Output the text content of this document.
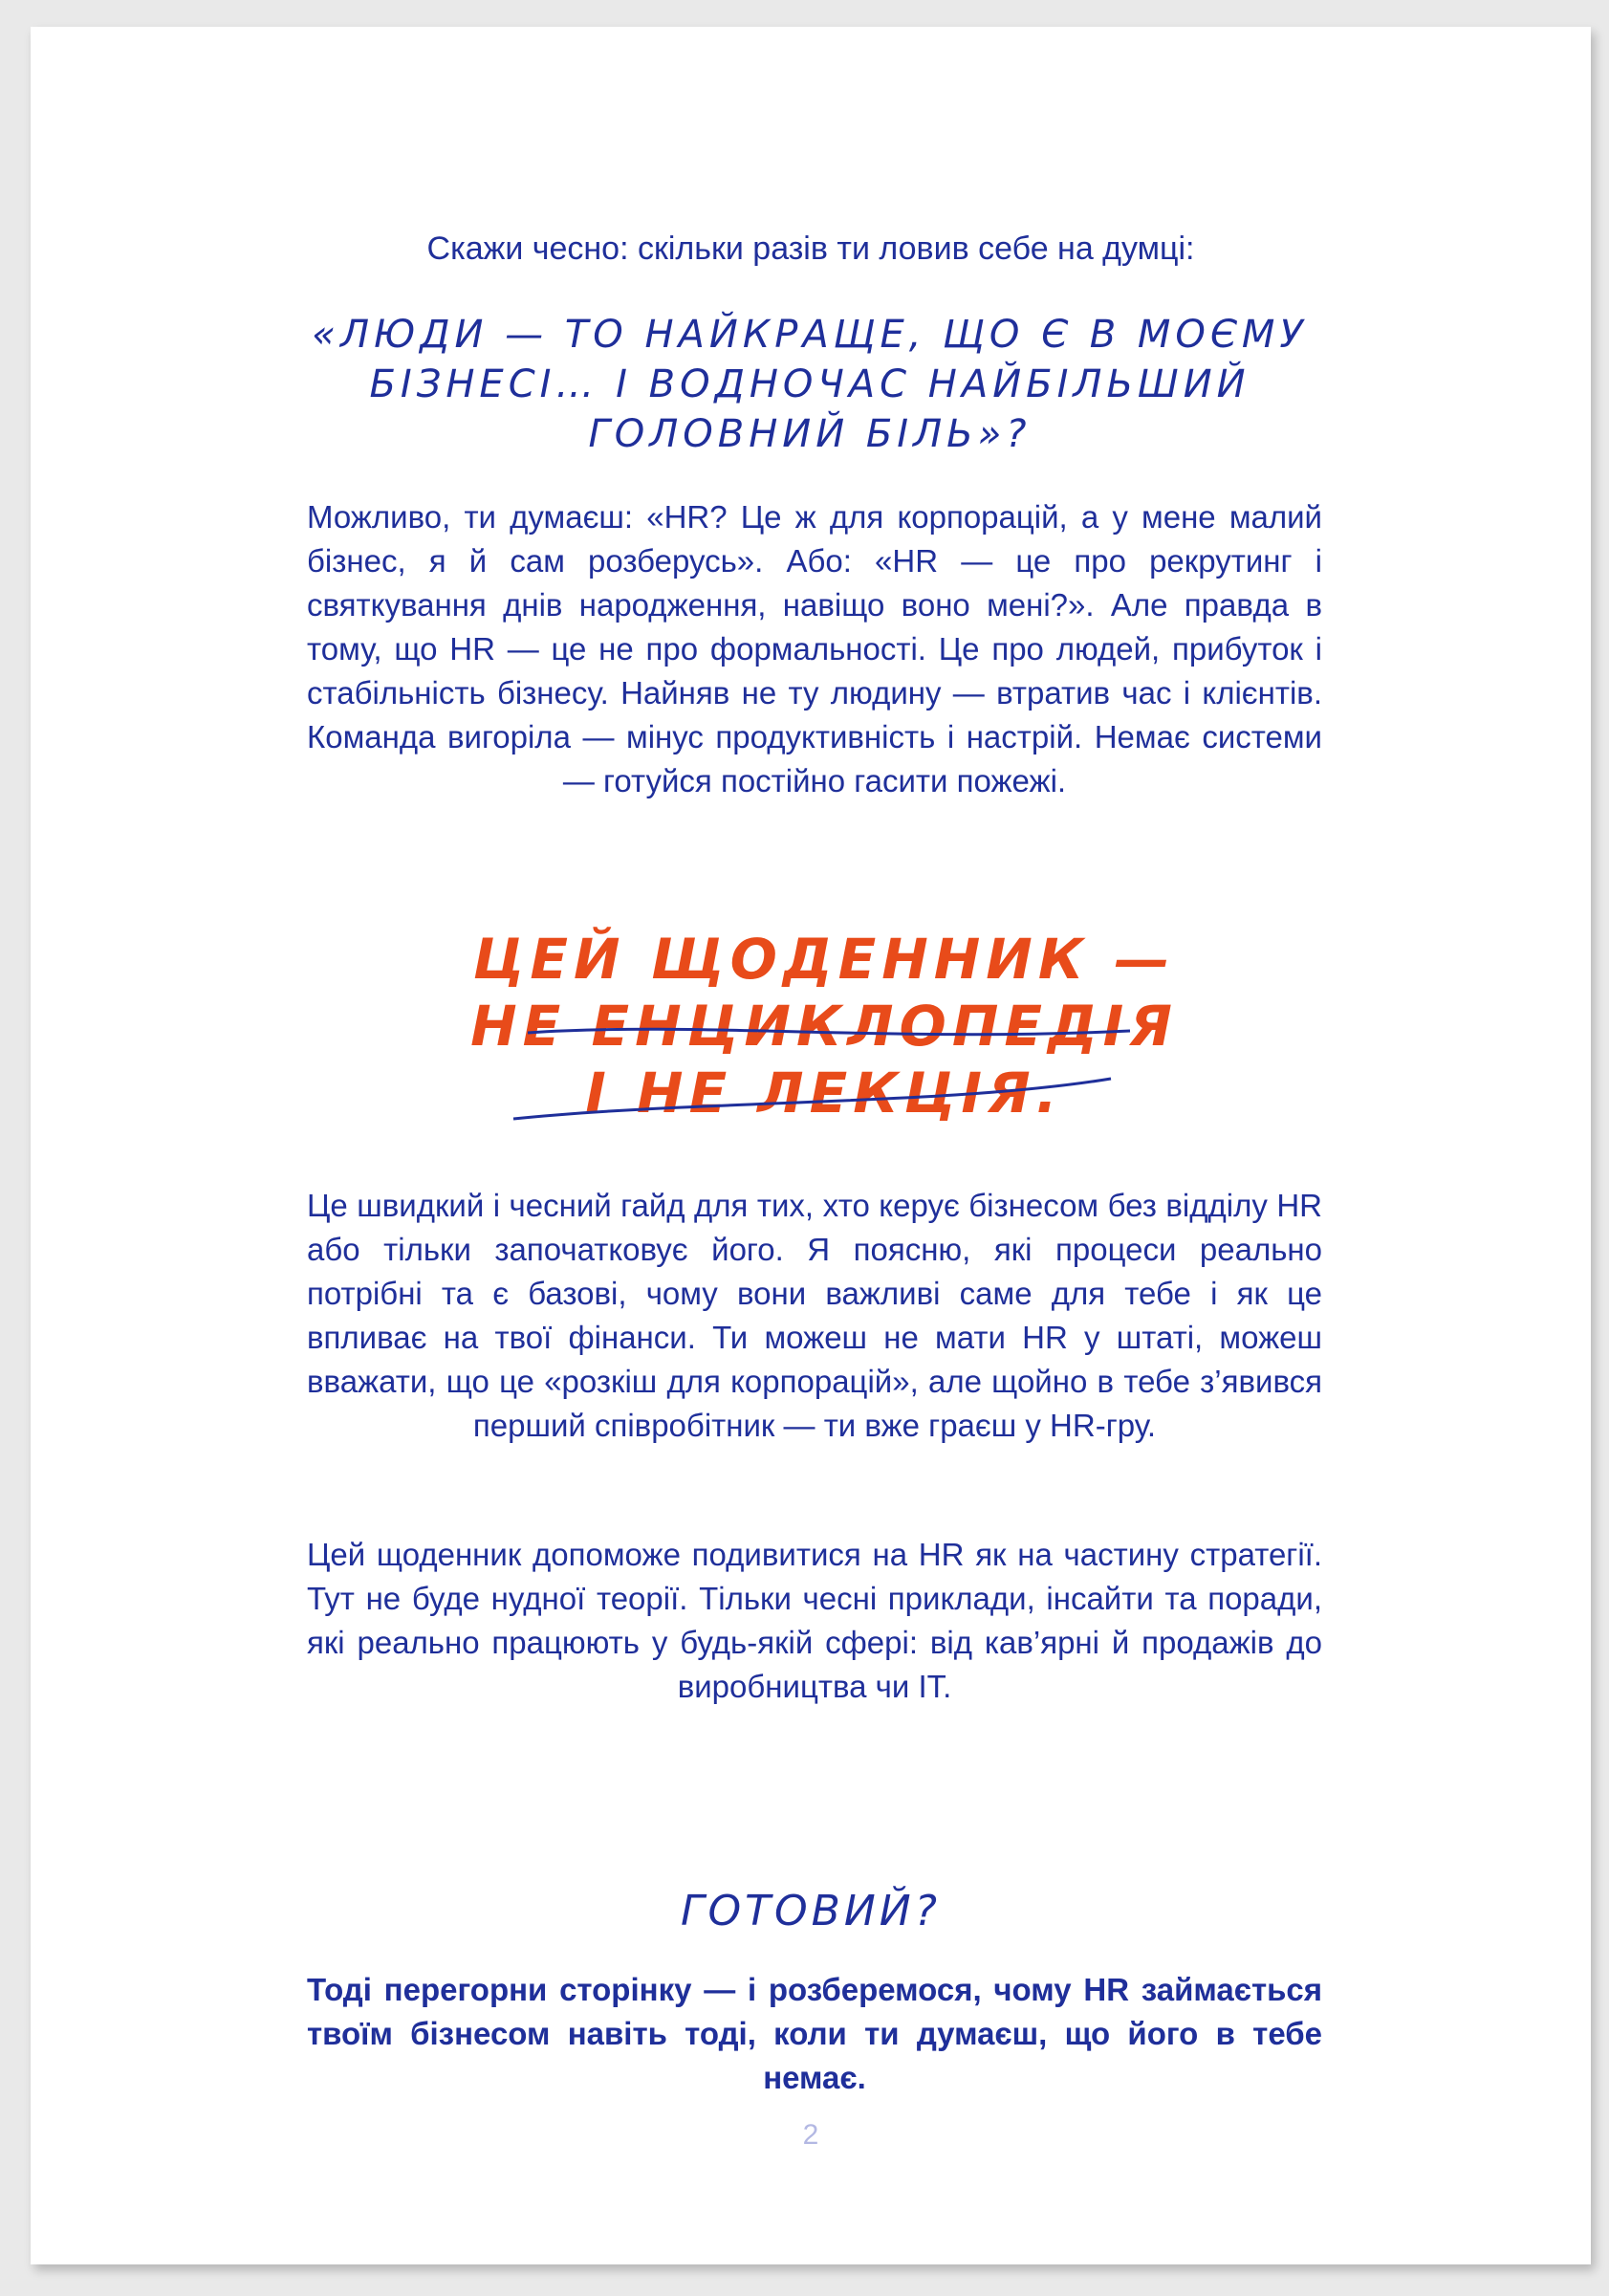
Скажи чесно: скільки разів ти ловив себе на думці:
«ЛЮДИ — ТО НАЙКРАЩЕ, ЩО Є В МОЄМУ БІЗНЕСІ… І ВОДНОЧАС НАЙБІЛЬШИЙ ГОЛОВНИЙ БІЛЬ»?
Можливо, ти думаєш: «HR? Це ж для корпорацій, а у мене малий бізнес, я й сам розберусь». Або: «HR — це про рекрутинг і святкування днів народження, навіщо воно мені?». Але правда в тому, що HR — це не про формальності. Це про людей, прибуток і стабільність бізнесу. Найняв не ту людину — втратив час і клієнтів. Команда вигоріла — мінус продуктивність і настрій. Немає системи — готуйся постійно гасити пожежі.
ЦЕЙ ЩОДЕННИК —
НЕ ЕНЦИКЛОПЕДІЯ
І НЕ ЛЕКЦІЯ.
Це швидкий і чесний гайд для тих, хто керує бізнесом без відділу HR або тільки започатковує його. Я поясню, які процеси реально потрібні та є базові, чому вони важливі саме для тебе і як це впливає на твої фінанси. Ти можеш не мати HR у штаті, можеш вважати, що це «розкіш для корпорацій», але щойно в тебе з’явився перший співробітник — ти вже граєш у HR-гру.
Цей щоденник допоможе подивитися на HR як на частину стратегії. Тут не буде нудної теорії. Тільки чесні приклади, інсайти та поради, які реально працюють у будь-якій сфері: від кав’ярні й продажів до виробництва чи IT.
ГОТОВИЙ?
Тоді перегорни сторінку — і розберемося, чому HR займається твоїм бізнесом навіть тоді, коли ти думаєш, що його в тебе немає.
2
